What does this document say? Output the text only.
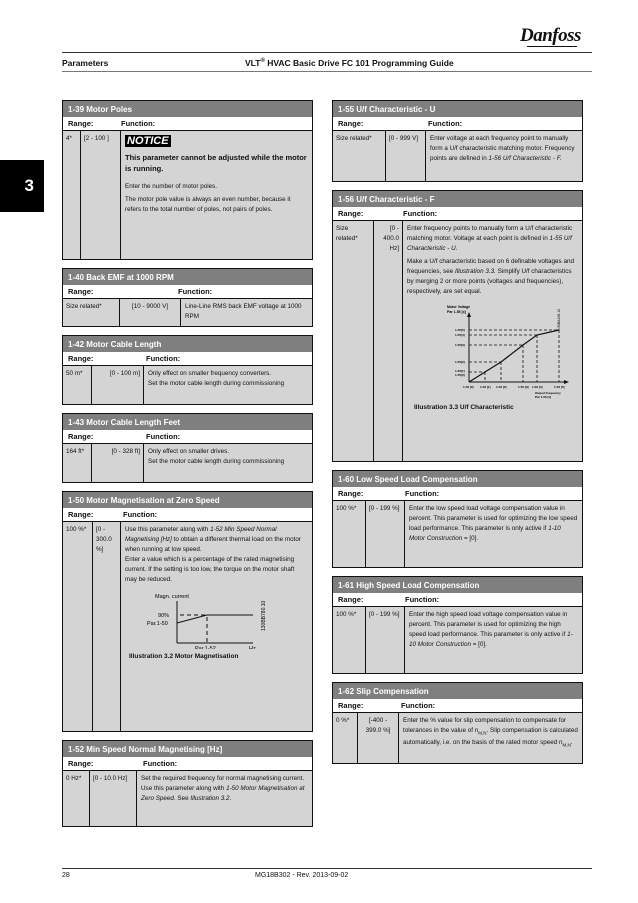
Danfoss
Parameters	VLT® HVAC Basic Drive FC 101 Programming Guide
3
1-39 Motor Poles
Range:	Function:
4*	[2 - 100 ]	NOTICE
This parameter cannot be adjusted while the motor is running.

Enter the number of motor poles.

The motor pole value is always an even number, because it refers to the total number of poles, not pairs of poles.

1-40 Back EMF at 1000 RPM
Range:	Function:
Size related*	[10 - 9000 V]	Line-Line RMS back EMF voltage at 1000 RPM
1-42 Motor Cable Length
Range:	Function:
50 m*	[0 - 100 m]	Only effect on smaller frequency converters.
Set the motor cable length during commissioning
1-43 Motor Cable Length Feet
Range:	Function:
164 ft*	[0 - 328 ft]	Only effect on smaller drives.
Set the motor cable length during commissioning
1-50 Motor Magnetisation at Zero Speed
Range:	Function:
100 %*	[0 - 300.0 %]
Use this parameter along with 1-52 Min Speed Normal Magnetising [Hz] to obtain a different thermal load on the motor when running at low speed.
Enter a value which is a percentage of the rated magnetising current. If the setting is too low, the torque on the motor shaft may be reduced.
Magn. current
90%
Par.1-50
Par.1-52	Hz
130BB780.10
Illustration 3.2 Motor Magnetisation
1-52 Min Speed Normal Magnetising [Hz]
Range:	Function:
0 Hz*	[0 - 10.0 Hz]	Set the required frequency for normal magnetising current.
Use this parameter along with 1-50 Motor Magnetisation at Zero Speed. See Illustration 3.2.
1-55 U/f Characteristic - U
Range:	Function:
Size related*	[0 - 999 V]	Enter voltage at each frequency point to manually form a U/f characteristic matching motor. Frequency points are defined in 1-56 U/f Characteristic - F.
1-56 U/f Characteristic - F
Range:	Function:
Size related*
[0 - 400.0 Hz]

Enter frequency points to manually form a U/f characteristic matching motor. Voltage at each point is defined in 1-55 U/f Characteristic - U.

Make a U/f characteristic based on 6 definable voltages and frequencies, see Illustration 3.3. Simplify U/f characteristics by merging 2 or more points (voltages and frequencies), respectively, are set equal.

Motor Voltage
Par 1-55 [x]	130BA166.10
1-55[5]
1-55[4]
1-55[3]
1-55[2]
1-55[1]
1-55[0]
1-56 [0] 1-56 [1] 1-56 [2]	1-56 [3] 1-56 [4]	1-56 [5]
Output Frequency
Par 1-56 [x]
Illustration 3.3 U/f Characteristic
1-60 Low Speed Load Compensation
Range:	Function:
100 %*	[0 - 199 %]	Enter the low speed load voltage compensation value in percent. This parameter is used for optimizing the low speed load performance. This parameter is only active if 1-10 Motor Construction = [0].
1-61 High Speed Load Compensation
Range:	Function:
100 %*	[0 - 199 %]	Enter the high speed load voltage compensation value in percent. This parameter is used for optimizing the high speed load performance. This parameter is only active if 1-10 Motor Construction = [0].
1-62 Slip Compensation
Range:	Function:
0 %*	[-400 - 399.0 %]
Enter the % value for slip compensation to compensate for tolerances in the value of $n_{M,N}$. Slip compensation is calculated automatically, i.e. on the basis of the rated motor speed $n_{M,N}$.
28	MG18B302 - Rev. 2013-09-02
